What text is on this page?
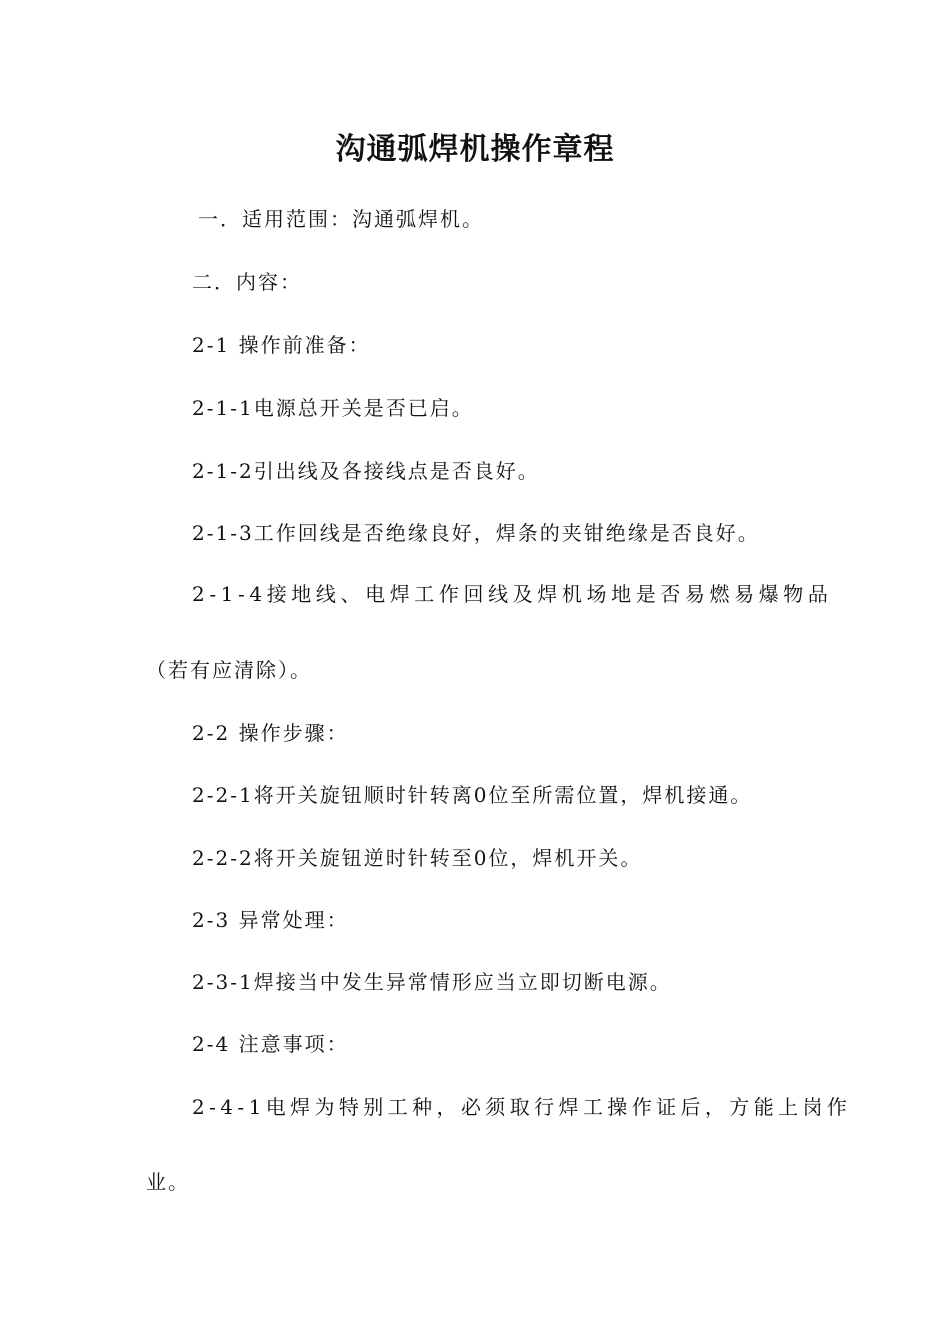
沟通弧焊机操作章程
一．适用范围：沟通弧焊机。
二．内容：
2-1 操作前准备：
2-1-1电源总开关是否已启。
2-1-2引出线及各接线点是否良好。
2-1-3工作回线是否绝缘良好，焊条的夹钳绝缘是否良好。
2-1-4接地线、电焊工作回线及焊机场地是否易燃易爆物品
（若有应清除）。
2-2 操作步骤：
2-2-1将开关旋钮顺时针转离0位至所需位置，焊机接通。
2-2-2将开关旋钮逆时针转至0位，焊机开关。
2-3 异常处理：
2-3-1焊接当中发生异常情形应当立即切断电源。
2-4 注意事项：
2-4-1电焊为特别工种，必须取行焊工操作证后，方能上岗作
业。
